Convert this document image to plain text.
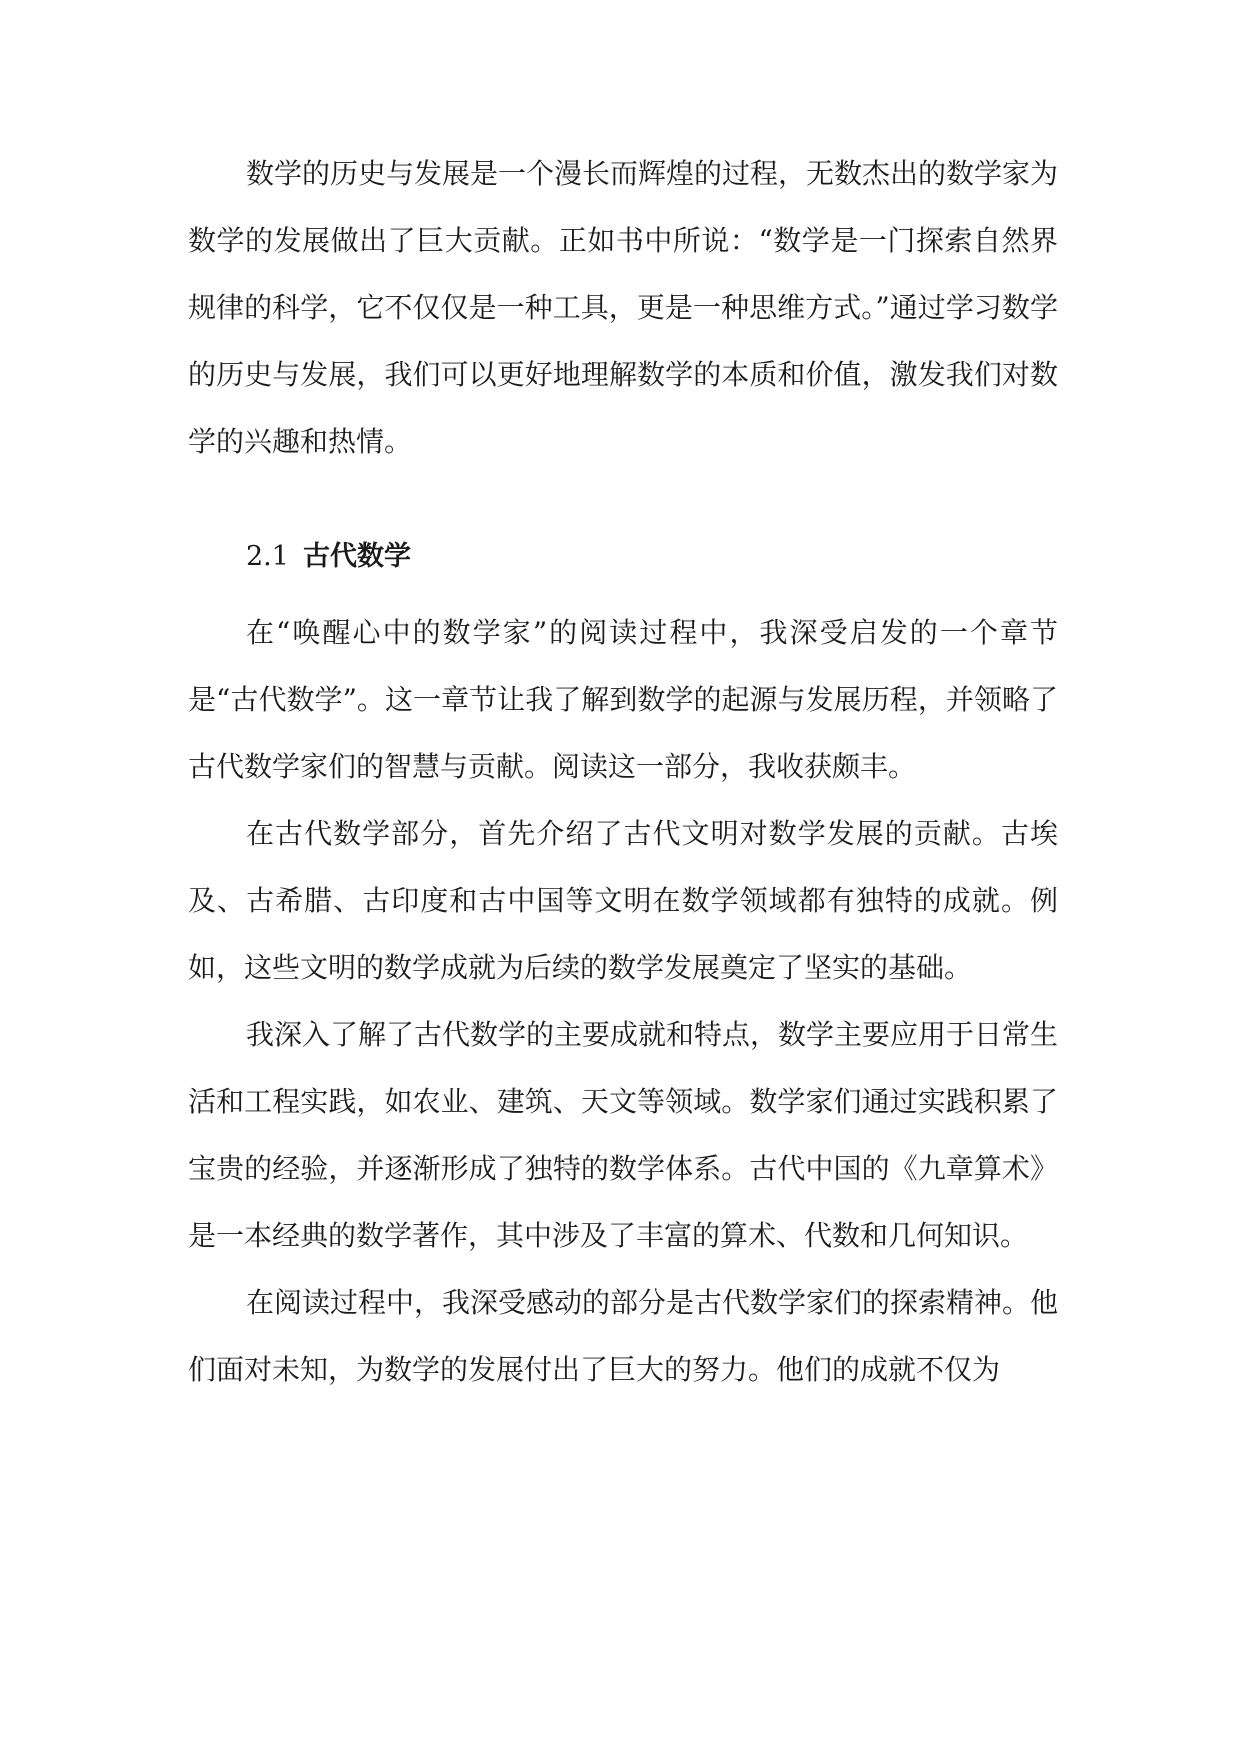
数学的历史与发展是一个漫长而辉煌的过程，无数杰出的数学家为数学的发展做出了巨大贡献。正如书中所说：“数学是一门探索自然界规律的科学，它不仅仅是一种工具，更是一种思维方式。”通过学习数学的历史与发展，我们可以更好地理解数学的本质和价值，激发我们对数学的兴趣和热情。

2.1 古代数学

在“唤醒心中的数学家”的阅读过程中，我深受启发的一个章节是“古代数学”。这一章节让我了解到数学的起源与发展历程，并领略了古代数学家们的智慧与贡献。阅读这一部分，我收获颇丰。

在古代数学部分，首先介绍了古代文明对数学发展的贡献。古埃及、古希腊、古印度和古中国等文明在数学领域都有独特的成就。例如，这些文明的数学成就为后续的数学发展奠定了坚实的基础。

我深入了解了古代数学的主要成就和特点，数学主要应用于日常生活和工程实践，如农业、建筑、天文等领域。数学家们通过实践积累了宝贵的经验，并逐渐形成了独特的数学体系。古代中国的《九章算术》是一本经典的数学著作，其中涉及了丰富的算术、代数和几何知识。

在阅读过程中，我深受感动的部分是古代数学家们的探索精神。他们面对未知，为数学的发展付出了巨大的努力。他们的成就不仅为
